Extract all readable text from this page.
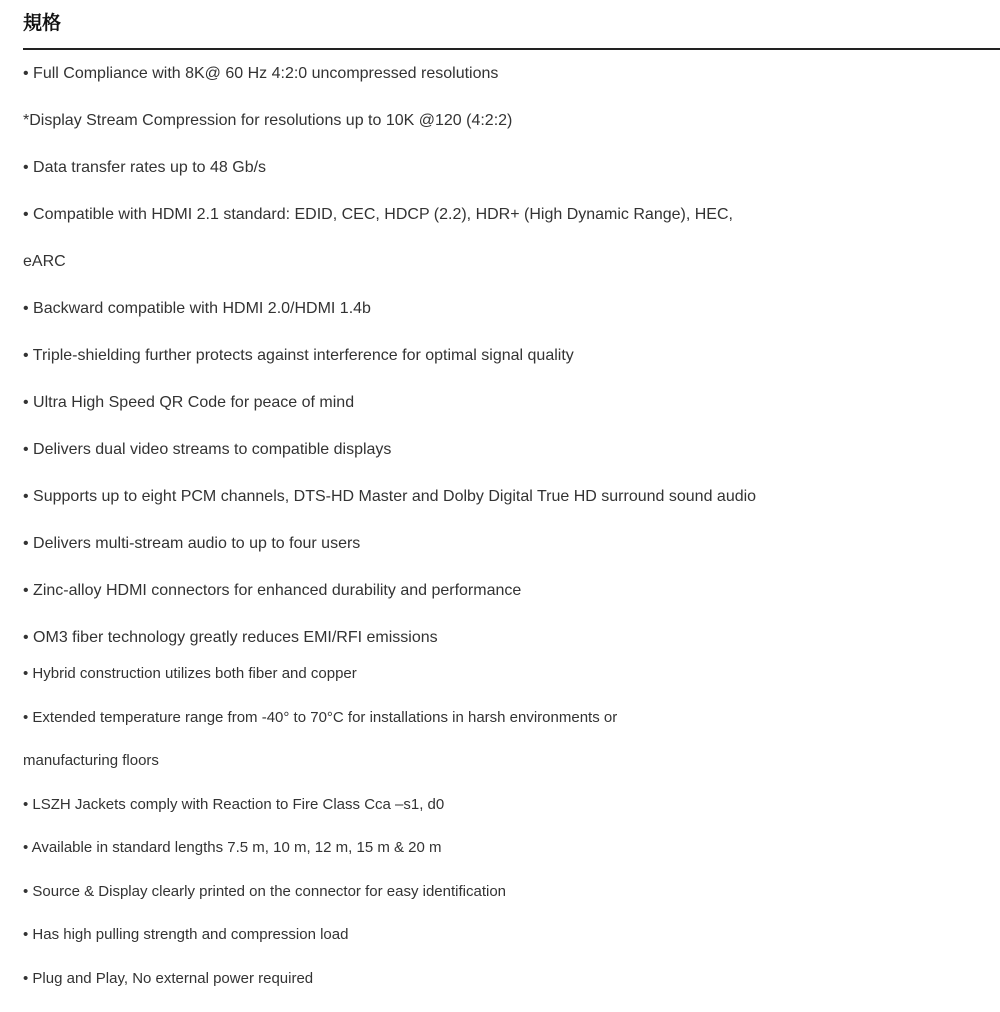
規格

• Full Compliance with 8K@ 60 Hz 4:2:0 uncompressed resolutions

*Display Stream Compression for resolutions up to 10K @120 (4:2:2)

• Data transfer rates up to 48 Gb/s

• Compatible with HDMI 2.1 standard: EDID, CEC, HDCP (2.2), HDR+ (High Dynamic Range), HEC,

eARC

• Backward compatible with HDMI 2.0/HDMI 1.4b

• Triple-shielding further protects against interference for optimal signal quality

• Ultra High Speed QR Code for peace of mind

• Delivers dual video streams to compatible displays

• Supports up to eight PCM channels, DTS-HD Master and Dolby Digital True HD surround sound audio

• Delivers multi-stream audio to up to four users

• Zinc-alloy HDMI connectors for enhanced durability and performance

• OM3 fiber technology greatly reduces EMI/RFI emissions

• Hybrid construction utilizes both fiber and copper

• Extended temperature range from -40° to 70°C for installations in harsh environments or

manufacturing floors

• LSZH Jackets comply with Reaction to Fire Class Cca –s1, d0

• Available in standard lengths 7.5 m, 10 m, 12 m, 15 m & 20 m

• Source & Display clearly printed on the connector for easy identification

• Has high pulling strength and compression load

• Plug and Play, No external power required
